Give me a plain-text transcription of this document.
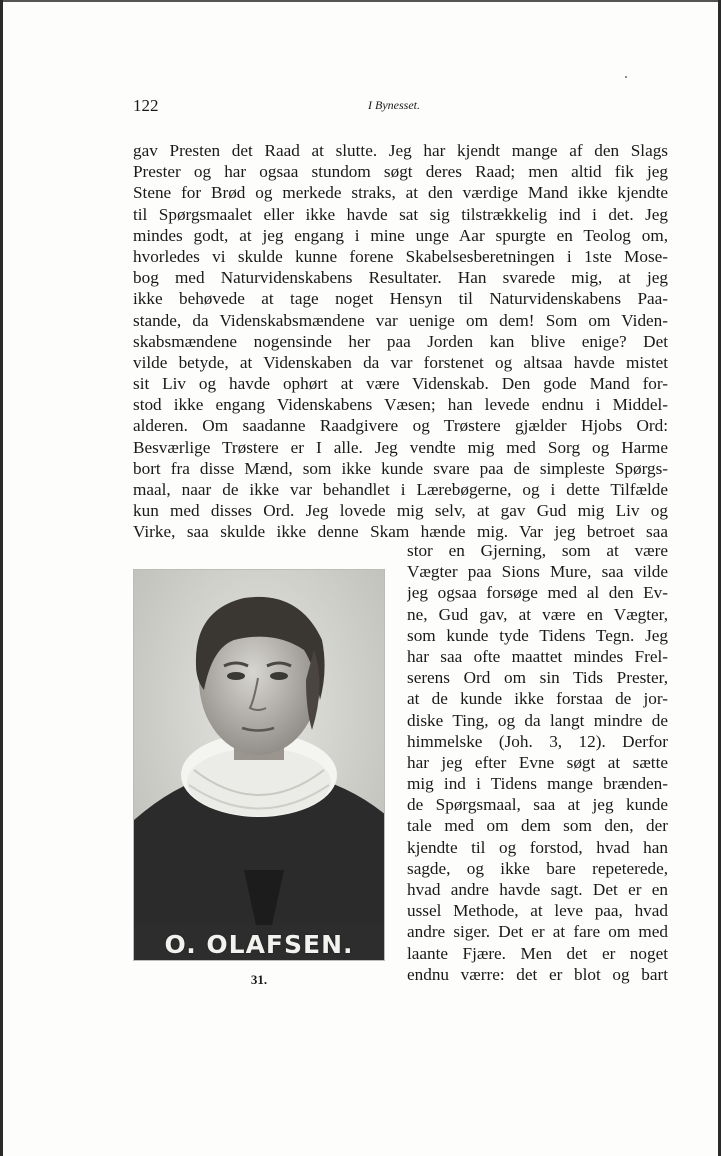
122	I Bynesset.
gav Presten det Raad at slutte. Jeg har kjendt mange af den Slags
Prester og har ogsaa stundom søgt deres Raad; men altid fik jeg
Stene for Brød og merkede straks, at den værdige Mand ikke kjendte
til Spørgsmaalet eller ikke havde sat sig tilstrækkelig ind i det. Jeg
mindes godt, at jeg engang i mine unge Aar spurgte en Teolog om,
hvorledes vi skulde kunne forene Skabelsesberetningen i 1ste Mose-
bog med Naturvidenskabens Resultater. Han svarede mig, at jeg
ikke behøvede at tage noget Hensyn til Naturvidenskabens Paa-
stande, da Videnskabsmændene var uenige om dem! Som om Viden-
skabsmændene nogensinde her paa Jorden kan blive enige? Det
vilde betyde, at Videnskaben da var forstenet og altsaa havde mistet
sit Liv og havde ophørt at være Videnskab. Den gode Mand for-
stod ikke engang Videnskabens Væsen; han levede endnu i Middel-
alderen. Om saadanne Raadgivere og Trøstere gjælder Hjobs Ord:
Besværlige Trøstere er I alle. Jeg vendte mig med Sorg og Harme
bort fra disse Mænd, som ikke kunde svare paa de simpleste Spørgs-
maal, naar de ikke var behandlet i Lærebøgerne, og i dette Tilfælde
kun med disses Ord. Jeg lovede mig selv, at gav Gud mig Liv og
Virke, saa skulde ikke denne Skam hænde mig. Var jeg betroet saa
O. OLAFSEN.
31.
stor en Gjerning, som at være
Vægter paa Sions Mure, saa vilde
jeg ogsaa forsøge med al den Ev-
ne, Gud gav, at være en Vægter,
som kunde tyde Tidens Tegn. Jeg
har saa ofte maattet mindes Frel-
serens Ord om sin Tids Prester,
at de kunde ikke forstaa de jor-
diske Ting, og da langt mindre de
himmelske (Joh. 3, 12). Derfor
har jeg efter Evne søgt at sætte
mig ind i Tidens mange brænden-
de Spørgsmaal, saa at jeg kunde
tale med om dem som den, der
kjendte til og forstod, hvad han
sagde, og ikke bare repeterede,
hvad andre havde sagt. Det er en
ussel Methode, at leve paa, hvad
andre siger. Det er at fare om med
laante Fjære. Men det er noget
endnu værre: det er blot og bart
